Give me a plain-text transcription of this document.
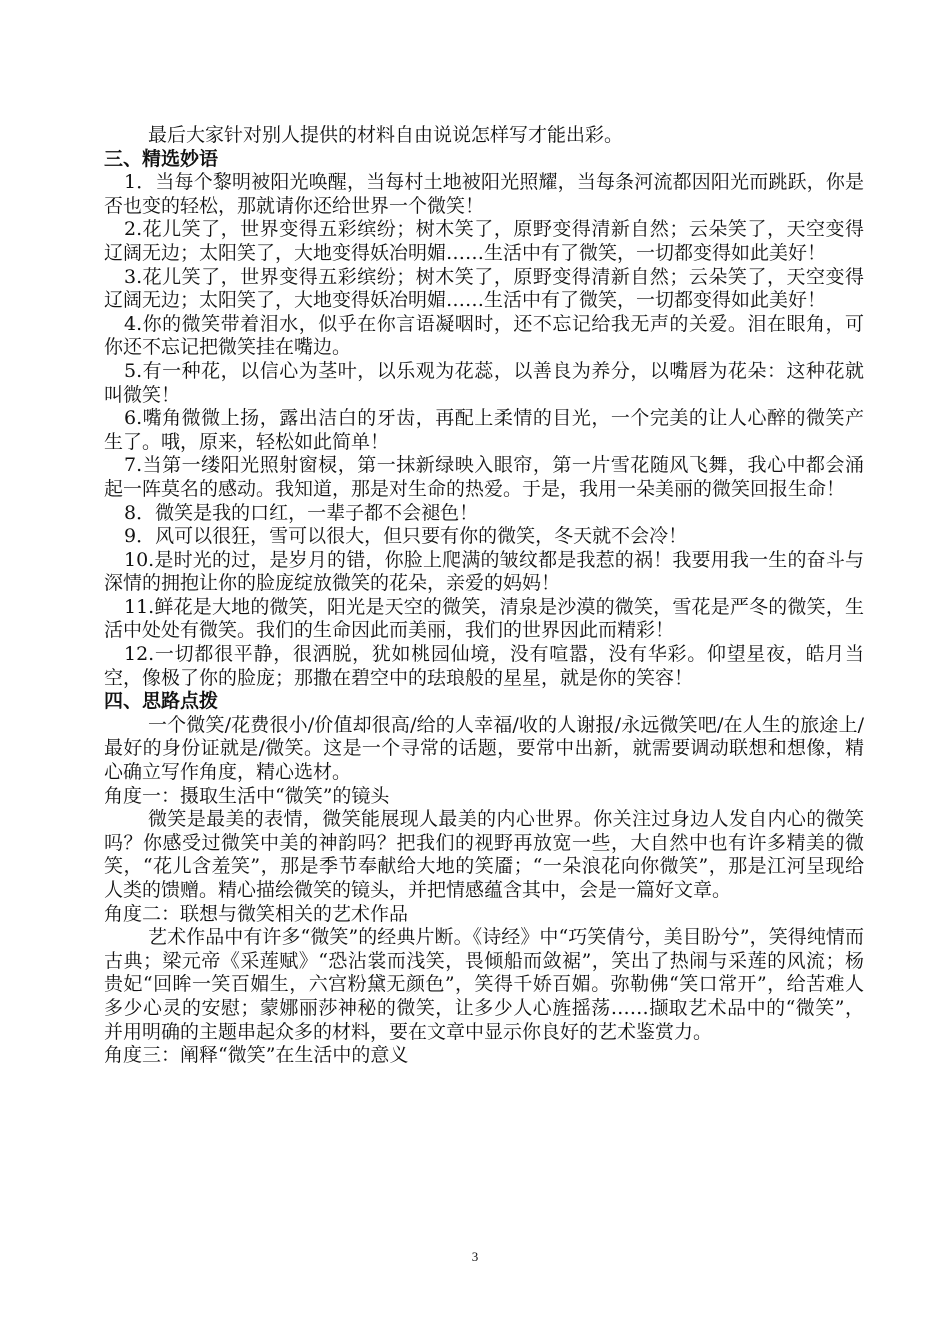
最后大家针对别人提供的材料自由说说怎样写才能出彩。

三、精选妙语

1．当每个黎明被阳光唤醒，当每村土地被阳光照耀，当每条河流都因阳光而跳跃，你是否也变的轻松，那就请你还给世界一个微笑！

2.花儿笑了，世界变得五彩缤纷；树木笑了，原野变得清新自然；云朵笑了，天空变得辽阔无边；太阳笑了，大地变得妖冶明媚……生活中有了微笑，一切都变得如此美好！

3.花儿笑了，世界变得五彩缤纷；树木笑了，原野变得清新自然；云朵笑了，天空变得辽阔无边；太阳笑了，大地变得妖冶明媚……生活中有了微笑，一切都变得如此美好！

4.你的微笑带着泪水，似乎在你言语凝咽时，还不忘记给我无声的关爱。泪在眼角，可你还不忘记把微笑挂在嘴边。

5.有一种花，以信心为茎叶，以乐观为花蕊，以善良为养分，以嘴唇为花朵：这种花就叫微笑！

6.嘴角微微上扬，露出洁白的牙齿，再配上柔情的目光，一个完美的让人心醉的微笑产生了。哦，原来，轻松如此简单！

7.当第一缕阳光照射窗棂，第一抹新绿映入眼帘，第一片雪花随风飞舞，我心中都会涌起一阵莫名的感动。我知道，那是对生命的热爱。于是，我用一朵美丽的微笑回报生命！

8．微笑是我的口红，一辈子都不会褪色！

9．风可以很狂，雪可以很大，但只要有你的微笑，冬天就不会冷！

10.是时光的过，是岁月的错，你脸上爬满的皱纹都是我惹的祸！我要用我一生的奋斗与深情的拥抱让你的脸庞绽放微笑的花朵，亲爱的妈妈！

11.鲜花是大地的微笑，阳光是天空的微笑，清泉是沙漠的微笑，雪花是严冬的微笑，生活中处处有微笑。我们的生命因此而美丽，我们的世界因此而精彩！

12.一切都很平静，很洒脱，犹如桃园仙境，没有喧嚣，没有华彩。仰望星夜，皓月当空，像极了你的脸庞；那撒在碧空中的珐琅般的星星，就是你的笑容！

四、思路点拨

一个微笑/花费很小/价值却很高/给的人幸福/收的人谢报/永远微笑吧/在人生的旅途上/最好的身份证就是/微笑。这是一个寻常的话题，要常中出新，就需要调动联想和想像，精心确立写作角度，精心选材。

角度一：摄取生活中“微笑”的镜头

微笑是最美的表情，微笑能展现人最美的内心世界。你关注过身边人发自内心的微笑吗？你感受过微笑中美的神韵吗？把我们的视野再放宽一些，大自然中也有许多精美的微笑，“花儿含羞笑”，那是季节奉献给大地的笑靥；“一朵浪花向你微笑”，那是江河呈现给人类的馈赠。精心描绘微笑的镜头，并把情感蕴含其中，会是一篇好文章。

角度二：联想与微笑相关的艺术作品

艺术作品中有许多“微笑”的经典片断。《诗经》中“巧笑倩兮，美目盼兮”，笑得纯情而古典；梁元帝《采莲赋》“恐沾裳而浅笑，畏倾船而敛裾”，笑出了热闹与采莲的风流；杨贵妃“回眸一笑百媚生，六宫粉黛无颜色”，笑得千娇百媚。弥勒佛“笑口常开”，给苦难人多少心灵的安慰；蒙娜丽莎神秘的微笑，让多少人心旌摇荡……撷取艺术品中的“微笑”，并用明确的主题串起众多的材料，要在文章中显示你良好的艺术鉴赏力。

角度三：阐释“微笑”在生活中的意义

3
